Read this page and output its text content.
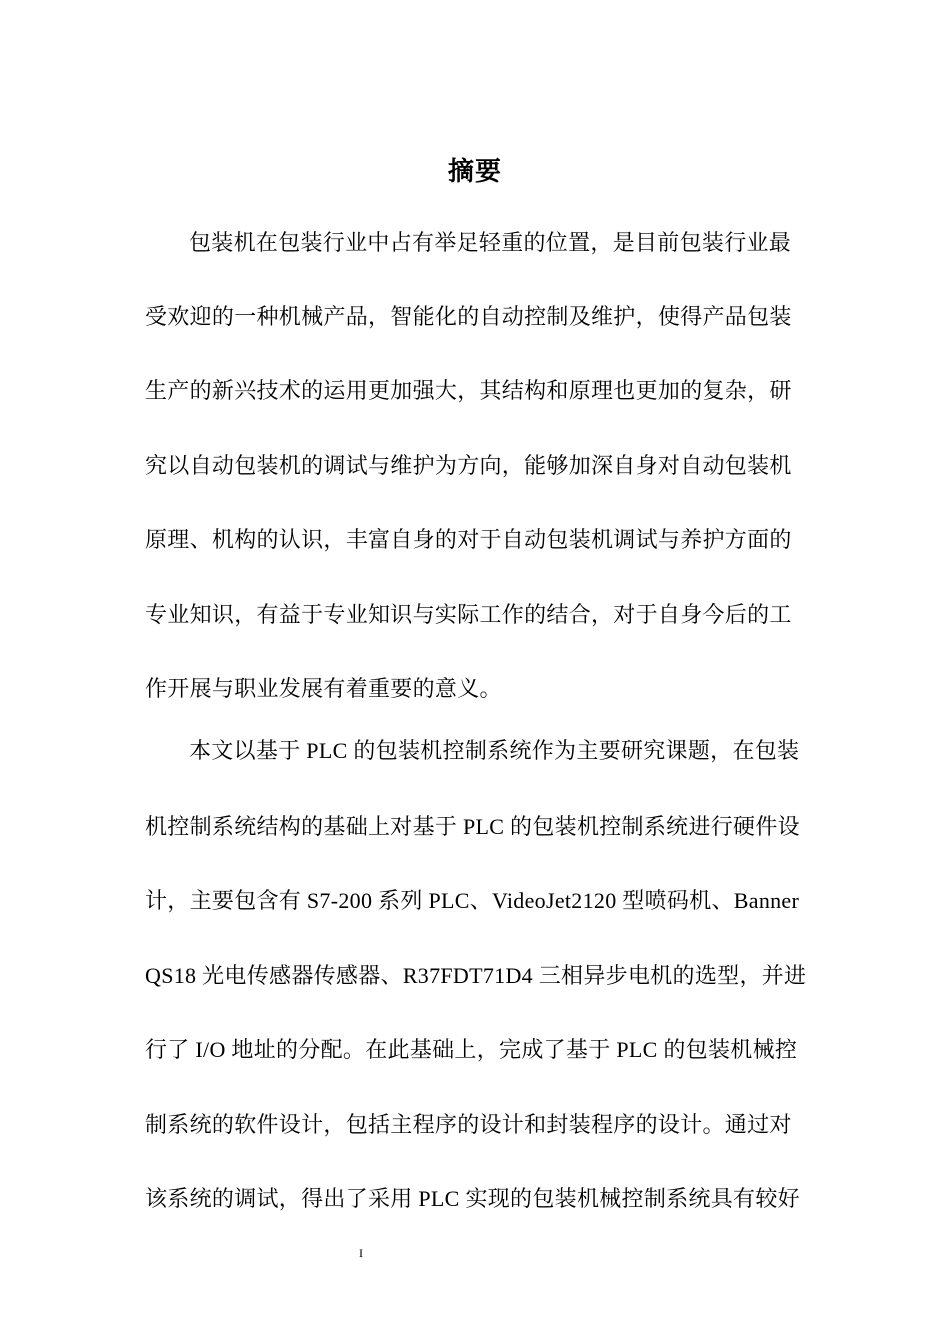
摘要
包装机在包装行业中占有举足轻重的位置，是目前包装行业最
受欢迎的一种机械产品，智能化的自动控制及维护，使得产品包装
生产的新兴技术的运用更加强大，其结构和原理也更加的复杂，研
究以自动包装机的调试与维护为方向，能够加深自身对自动包装机
原理、机构的认识，丰富自身的对于自动包装机调试与养护方面的
专业知识，有益于专业知识与实际工作的结合，对于自身今后的工
作开展与职业发展有着重要的意义。
本文以基于 PLC 的包装机控制系统作为主要研究课题，在包装
机控制系统结构的基础上对基于 PLC 的包装机控制系统进行硬件设
计，主要包含有 S7-200 系列 PLC、VideoJet2120 型喷码机、Banner
QS18 光电传感器传感器、R37FDT71D4 三相异步电机的选型，并进
行了 I/O 地址的分配。在此基础上，完成了基于 PLC 的包装机械控
制系统的软件设计，包括主程序的设计和封装程序的设计。通过对
该系统的调试，得出了采用 PLC 实现的包装机械控制系统具有较好
I
